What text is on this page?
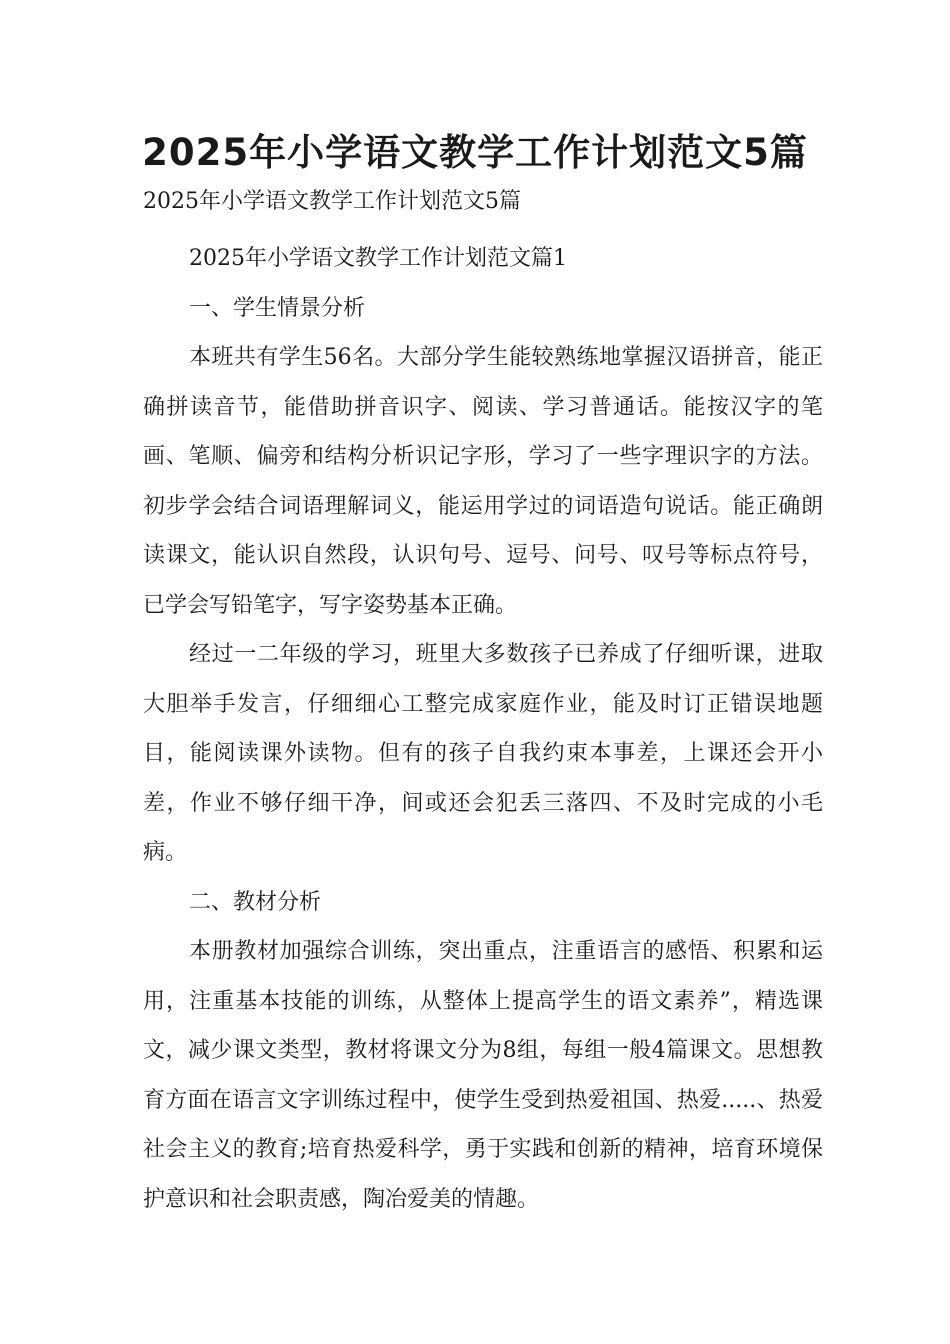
2025年小学语文教学工作计划范文5篇

2025年小学语文教学工作计划范文5篇

2025年小学语文教学工作计划范文篇1

一、学生情景分析

本班共有学生56名。大部分学生能较熟练地掌握汉语拼音，能正确拼读音节，能借助拼音识字、阅读、学习普通话。能按汉字的笔画、笔顺、偏旁和结构分析识记字形，学习了一些字理识字的方法。初步学会结合词语理解词义，能运用学过的词语造句说话。能正确朗读课文，能认识自然段，认识句号、逗号、问号、叹号等标点符号，已学会写铅笔字，写字姿势基本正确。

经过一二年级的学习，班里大多数孩子已养成了仔细听课，进取大胆举手发言，仔细细心工整完成家庭作业，能及时订正错误地题目，能阅读课外读物。但有的孩子自我约束本事差，上课还会开小差，作业不够仔细干净，间或还会犯丢三落四、不及时完成的小毛病。

二、教材分析

本册教材加强综合训练，突出重点，注重语言的感悟、积累和运用，注重基本技能的训练，从整体上提高学生的语文素养”，精选课文，减少课文类型，教材将课文分为8组，每组一般4篇课文。思想教育方面在语言文字训练过程中，使学生受到热爱祖国、热爱.....、热爱社会主义的教育;培育热爱科学，勇于实践和创新的精神，培育环境保护意识和社会职责感，陶冶爱美的情趣。
